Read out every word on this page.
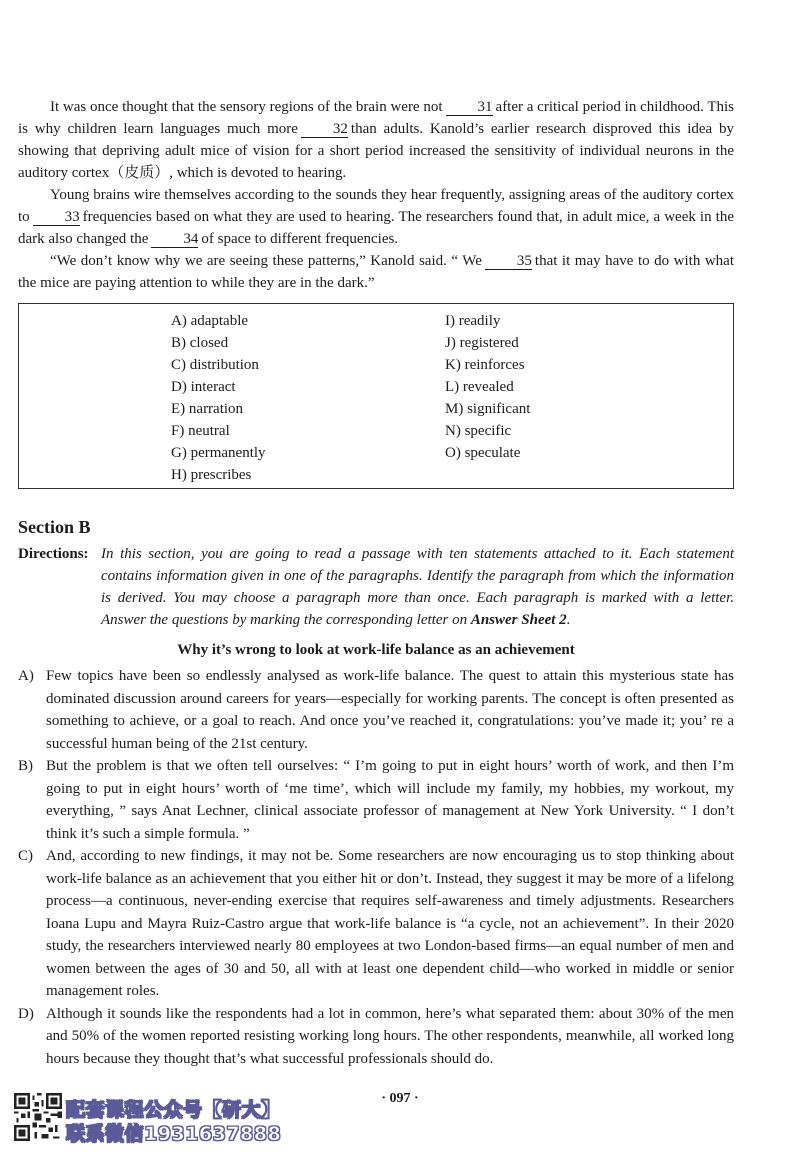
It was once thought that the sensory regions of the brain were not 31 after a critical period in childhood. This is why children learn languages much more 32 than adults. Kanold’s earlier research disproved this idea by showing that depriving adult mice of vision for a short period increased the sensitivity of individual neurons in the auditory cortex（皮质）, which is devoted to hearing.

Young brains wire themselves according to the sounds they hear frequently, assigning areas of the auditory cortex to 33 frequencies based on what they are used to hearing. The researchers found that, in adult mice, a week in the dark also changed the 34 of space to different frequencies.

“We don’t know why we are seeing these patterns,” Kanold said. “ We 35 that it may have to do with what the mice are paying attention to while they are in the dark.”

A) adaptable
B) closed
C) distribution
D) interact
E) narration
F) neutral
G) permanently
H) prescribes
I) readily
J) registered
K) reinforces
L) revealed
M) significant
N) specific
O) speculate
Section B
Directions: In this section, you are going to read a passage with ten statements attached to it. Each statement contains information given in one of the paragraphs. Identify the paragraph from which the information is derived. You may choose a paragraph more than once. Each paragraph is marked with a letter. Answer the questions by marking the corresponding letter on Answer Sheet 2.
Why it’s wrong to look at work-life balance as an achievement
A) Few topics have been so endlessly analysed as work-life balance. The quest to attain this mysterious state has dominated discussion around careers for years—especially for working parents. The concept is often presented as something to achieve, or a goal to reach. And once you’ve reached it, congratulations: you’ve made it; you’ re a successful human being of the 21st century.
B) But the problem is that we often tell ourselves: “ I’m going to put in eight hours’ worth of work, and then I’m going to put in eight hours’ worth of ‘me time’, which will include my family, my hobbies, my workout, my everything, ” says Anat Lechner, clinical associate professor of management at New York University. “ I don’t think it’s such a simple formula. ”
C) And, according to new findings, it may not be. Some researchers are now encouraging us to stop thinking about work-life balance as an achievement that you either hit or don’t. Instead, they suggest it may be more of a lifelong process—a continuous, never-ending exercise that requires self-awareness and timely adjustments. Researchers Ioana Lupu and Mayra Ruiz-Castro argue that work-life balance is “a cycle, not an achievement”. In their 2020 study, the researchers interviewed nearly 80 employees at two London-based firms—an equal number of men and women between the ages of 30 and 50, all with at least one dependent child—who worked in middle or senior management roles.
D) Although it sounds like the respondents had a lot in common, here’s what separated them: about 30% of the men and 50% of the women reported resisting working long hours. The other respondents, meanwhile, all worked long hours because they thought that’s what successful professionals should do.
· 097 ·
配套课程公众号【研大】
联系微信1931637888
